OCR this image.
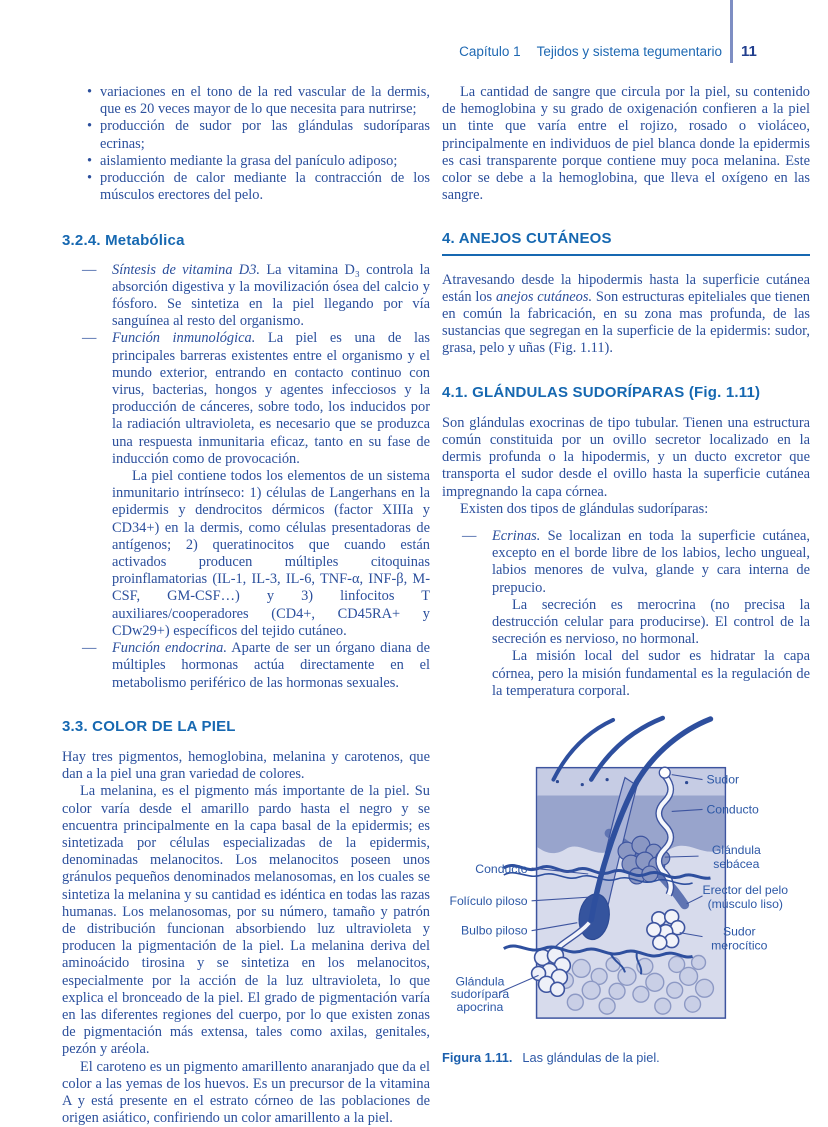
Capítulo 1 Tejidos y sistema tegumentario 11
• variaciones en el tono de la red vascular de la dermis, que es 20 veces mayor de lo que necesita para nutrirse;
• producción de sudor por las glándulas sudoríparas ecrinas;
• aislamiento mediante la grasa del panículo adiposo;
• producción de calor mediante la contracción de los músculos erectores del pelo.
3.2.4. Metabólica
— Síntesis de vitamina D3. La vitamina D₃ controla la absorción digestiva y la movilización ósea del calcio y fósforo. Se sintetiza en la piel llegando por vía sanguínea al resto del organismo.
— Función inmunológica. La piel es una de las principales barreras existentes entre el organismo y el mundo exterior, entrando en contacto continuo con virus, bacterias, hongos y agentes infecciosos y la producción de cánceres, sobre todo, los inducidos por la radiación ultravioleta, es necesario que se produzca una respuesta inmunitaria eficaz, tanto en su fase de inducción como de provocación.

La piel contiene todos los elementos de un sistema inmunitario intrínseco: 1) células de Langerhans en la epidermis y dendrocitos dérmicos (factor XIIIa y CD34+) en la dermis, como células presentadoras de antígenos; 2) queratinocitos que cuando están activados producen múltiples citoquinas proinflamatorias (IL-1, IL-3, IL-6, TNF-α, INF-β, M-CSF, GM-CSF…) y 3) linfocitos T auxiliares/cooperadores (CD4+, CD45RA+ y CDw29+) específicos del tejido cutáneo.

— Función endocrina. Aparte de ser un órgano diana de múltiples hormonas actúa directamente en el metabolismo periférico de las hormonas sexuales.
3.3. COLOR DE LA PIEL

Hay tres pigmentos, hemoglobina, melanina y carotenos, que dan a la piel una gran variedad de colores.

La melanina, es el pigmento más importante de la piel. Su color varía desde el amarillo pardo hasta el negro y se encuentra principalmente en la capa basal de la epidermis; es sintetizada por células especializadas de la epidermis, denominadas melanocitos. Los melanocitos poseen unos gránulos pequeños denominados melanosomas, en los cuales se sintetiza la melanina y su cantidad es idéntica en todas las razas humanas. Los melanosomas, por su número, tamaño y patrón de distribución funcionan absorbiendo luz ultravioleta y producen la pigmentación de la piel. La melanina deriva del aminoácido tirosina y se sintetiza en los melanocitos, especialmente por la acción de la luz ultravioleta, lo que explica el bronceado de la piel. El grado de pigmentación varía en las diferentes regiones del cuerpo, por lo que existen zonas de pigmentación más extensa, tales como axilas, genitales, pezón y aréola.

El caroteno es un pigmento amarillento anaranjado que da el color a las yemas de los huevos. Es un precursor de la vitamina A y está presente en el estrato córneo de las poblaciones de origen asiático, confiriendo un color amarillento a la piel.

La cantidad de sangre que circula por la piel, su contenido de hemoglobina y su grado de oxigenación confieren a la piel un tinte que varía entre el rojizo, rosado o violáceo, principalmente en individuos de piel blanca donde la epidermis es casi transparente porque contiene muy poca melanina. Este color se debe a la hemoglobina, que lleva el oxígeno en las sangre.

4. ANEJOS CUTÁNEOS

Atravesando desde la hipodermis hasta la superficie cutánea están los anejos cutáneos. Son estructuras epiteliales que tienen en común la fabricación, en su zona mas profunda, de las sustancias que segregan en la superficie de la epidermis: sudor, grasa, pelo y uñas (Fig. 1.11).

4.1. GLÁNDULAS SUDORÍPARAS (Fig. 1.11)

Son glándulas exocrinas de tipo tubular. Tienen una estructura común constituida por un ovillo secretor localizado en la dermis profunda o la hipodermis, y un ducto excretor que transporta el sudor desde el ovillo hasta la superficie cutánea impregnando la capa córnea.

Existen dos tipos de glándulas sudoríparas:

— Ecrinas. Se localizan en toda la superficie cutánea, excepto en el borde libre de los labios, lecho ungueal, labios menores de vulva, glande y cara interna de prepucio.

La secreción es merocrina (no precisa la destrucción celular para producirse). El control de la secreción es nervioso, no hormonal.

La misión local del sudor es hidratar la capa córnea, pero la misión fundamental es la regulación de la temperatura corporal.

Sudor
Conducto
Glándula
sebácea
Erector del pelo
(músculo liso)
Sudor
merocítico
Conducto
Folículo piloso
Bulbo piloso
Glándula
sudorípara
apocrina

Figura 1.11. Las glándulas de la piel.
